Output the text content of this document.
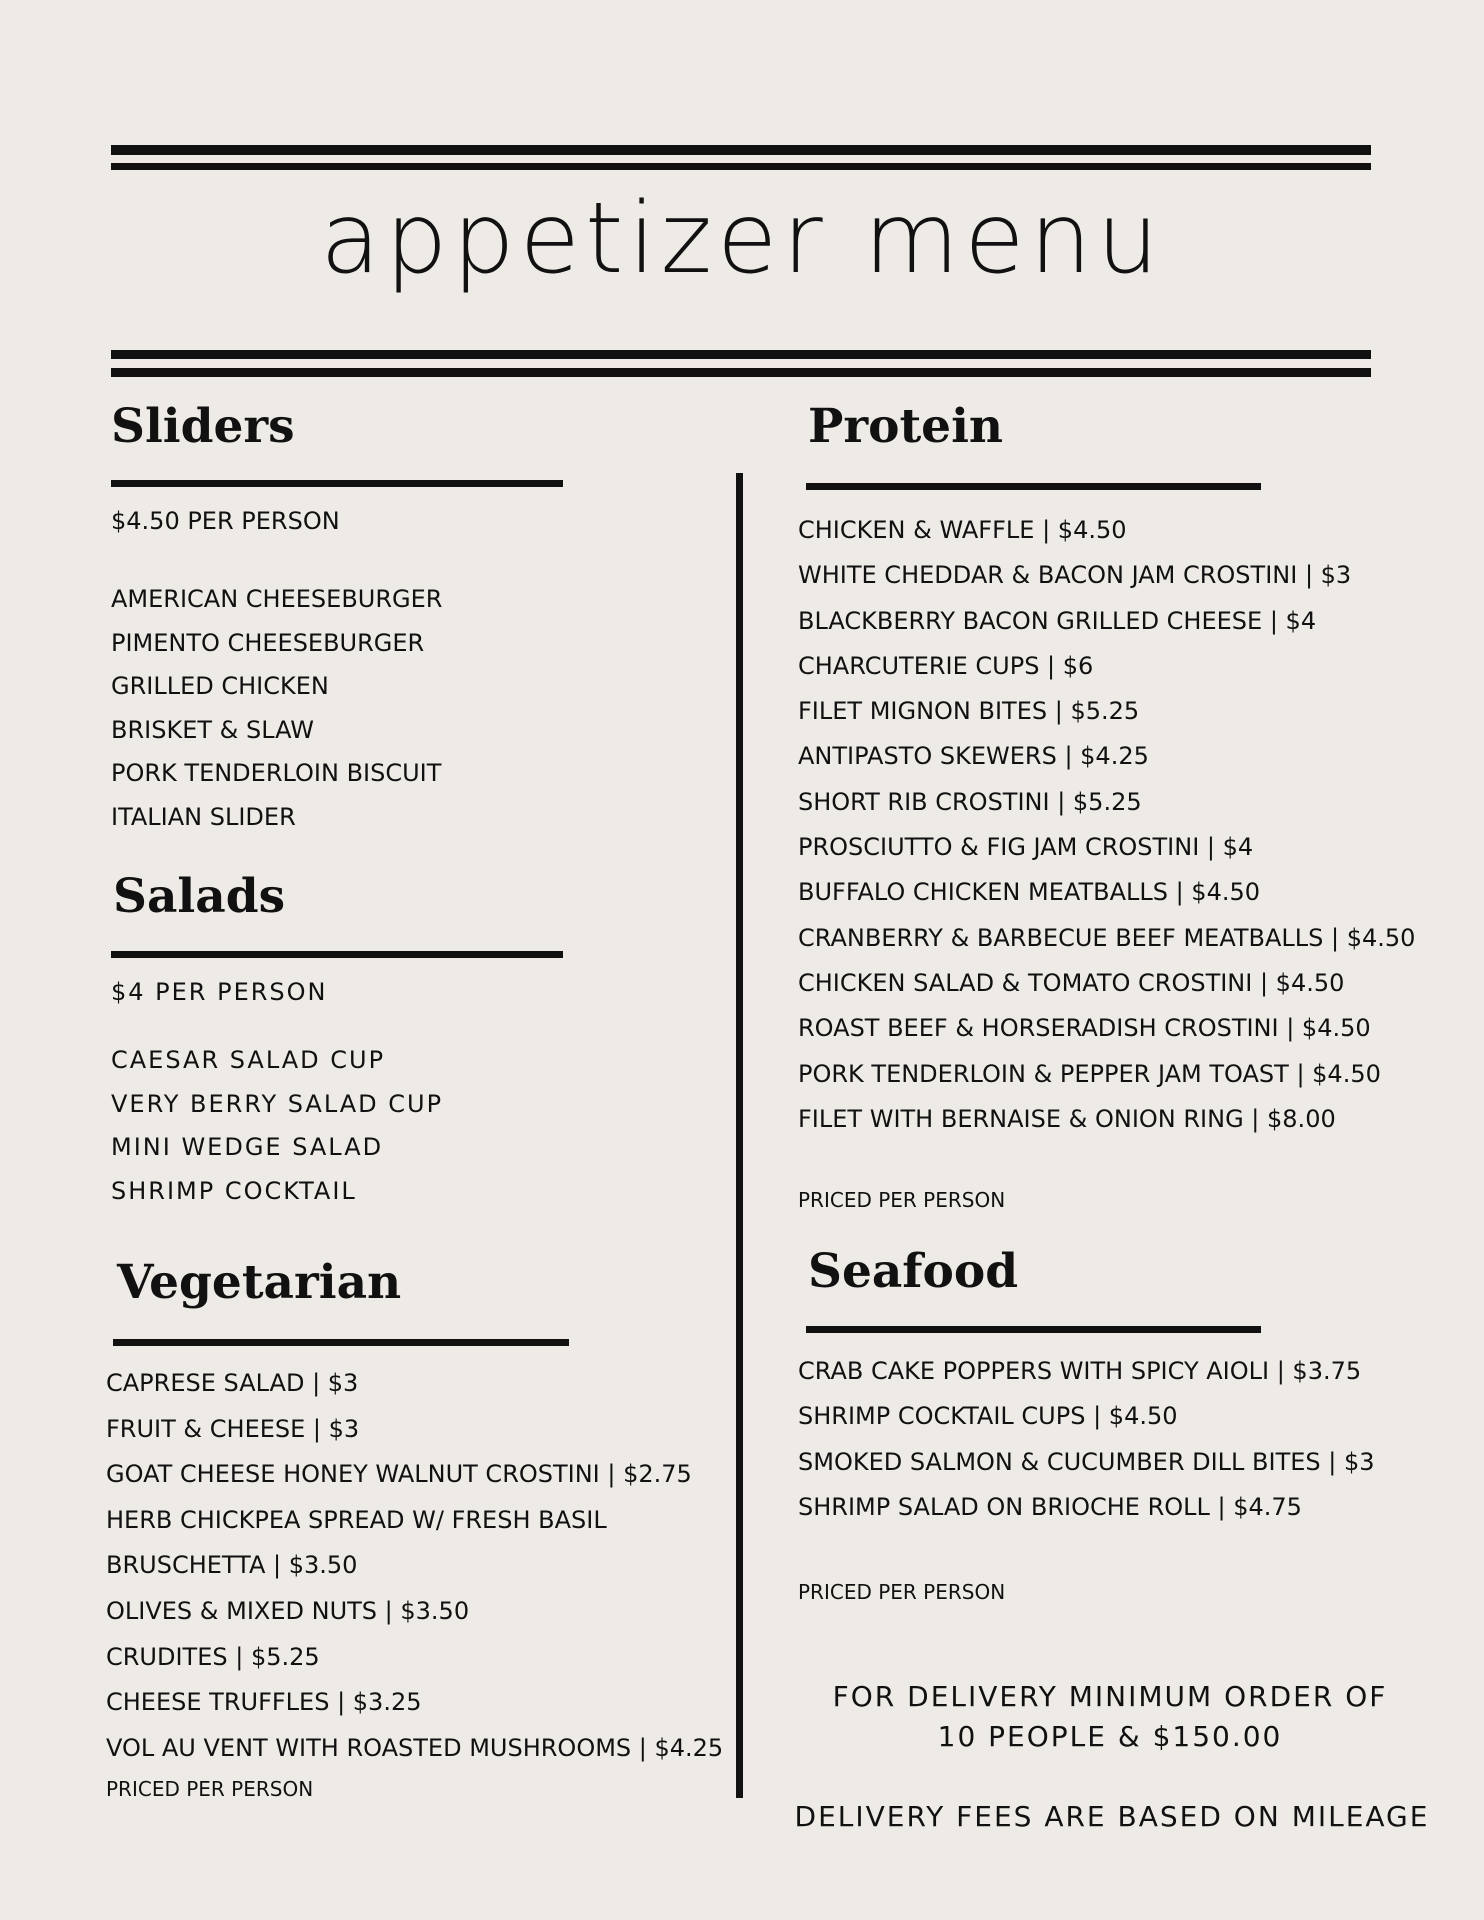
appetizer menu
Sliders
$4.50 PER PERSON
AMERICAN CHEESEBURGER
PIMENTO CHEESEBURGER
GRILLED CHICKEN
BRISKET & SLAW
PORK TENDERLOIN BISCUIT
ITALIAN SLIDER
Salads
$4 PER PERSON
CAESAR SALAD CUP
VERY BERRY SALAD CUP
MINI WEDGE SALAD
SHRIMP COCKTAIL
Vegetarian
CAPRESE SALAD | $3
FRUIT & CHEESE | $3
GOAT CHEESE HONEY WALNUT CROSTINI | $2.75
HERB CHICKPEA SPREAD W/ FRESH BASIL
BRUSCHETTA | $3.50
OLIVES & MIXED NUTS | $3.50
CRUDITES | $5.25
CHEESE TRUFFLES | $3.25
VOL AU VENT WITH ROASTED MUSHROOMS | $4.25
PRICED PER PERSON
Protein
CHICKEN & WAFFLE | $4.50
WHITE CHEDDAR & BACON JAM CROSTINI | $3
BLACKBERRY BACON GRILLED CHEESE | $4
CHARCUTERIE CUPS | $6
FILET MIGNON BITES | $5.25
ANTIPASTO SKEWERS | $4.25
SHORT RIB CROSTINI | $5.25
PROSCIUTTO & FIG JAM CROSTINI | $4
BUFFALO CHICKEN MEATBALLS | $4.50
CRANBERRY & BARBECUE BEEF MEATBALLS | $4.50
CHICKEN SALAD & TOMATO CROSTINI | $4.50
ROAST BEEF & HORSERADISH CROSTINI | $4.50
PORK TENDERLOIN & PEPPER JAM TOAST | $4.50
FILET WITH BERNAISE & ONION RING | $8.00
PRICED PER PERSON
Seafood
CRAB CAKE POPPERS WITH SPICY AIOLI | $3.75
SHRIMP COCKTAIL CUPS | $4.50
SMOKED SALMON & CUCUMBER DILL BITES | $3
SHRIMP SALAD ON BRIOCHE ROLL | $4.75
PRICED PER PERSON
FOR DELIVERY MINIMUM ORDER OF
10 PEOPLE & $150.00
DELIVERY FEES ARE BASED ON MILEAGE
